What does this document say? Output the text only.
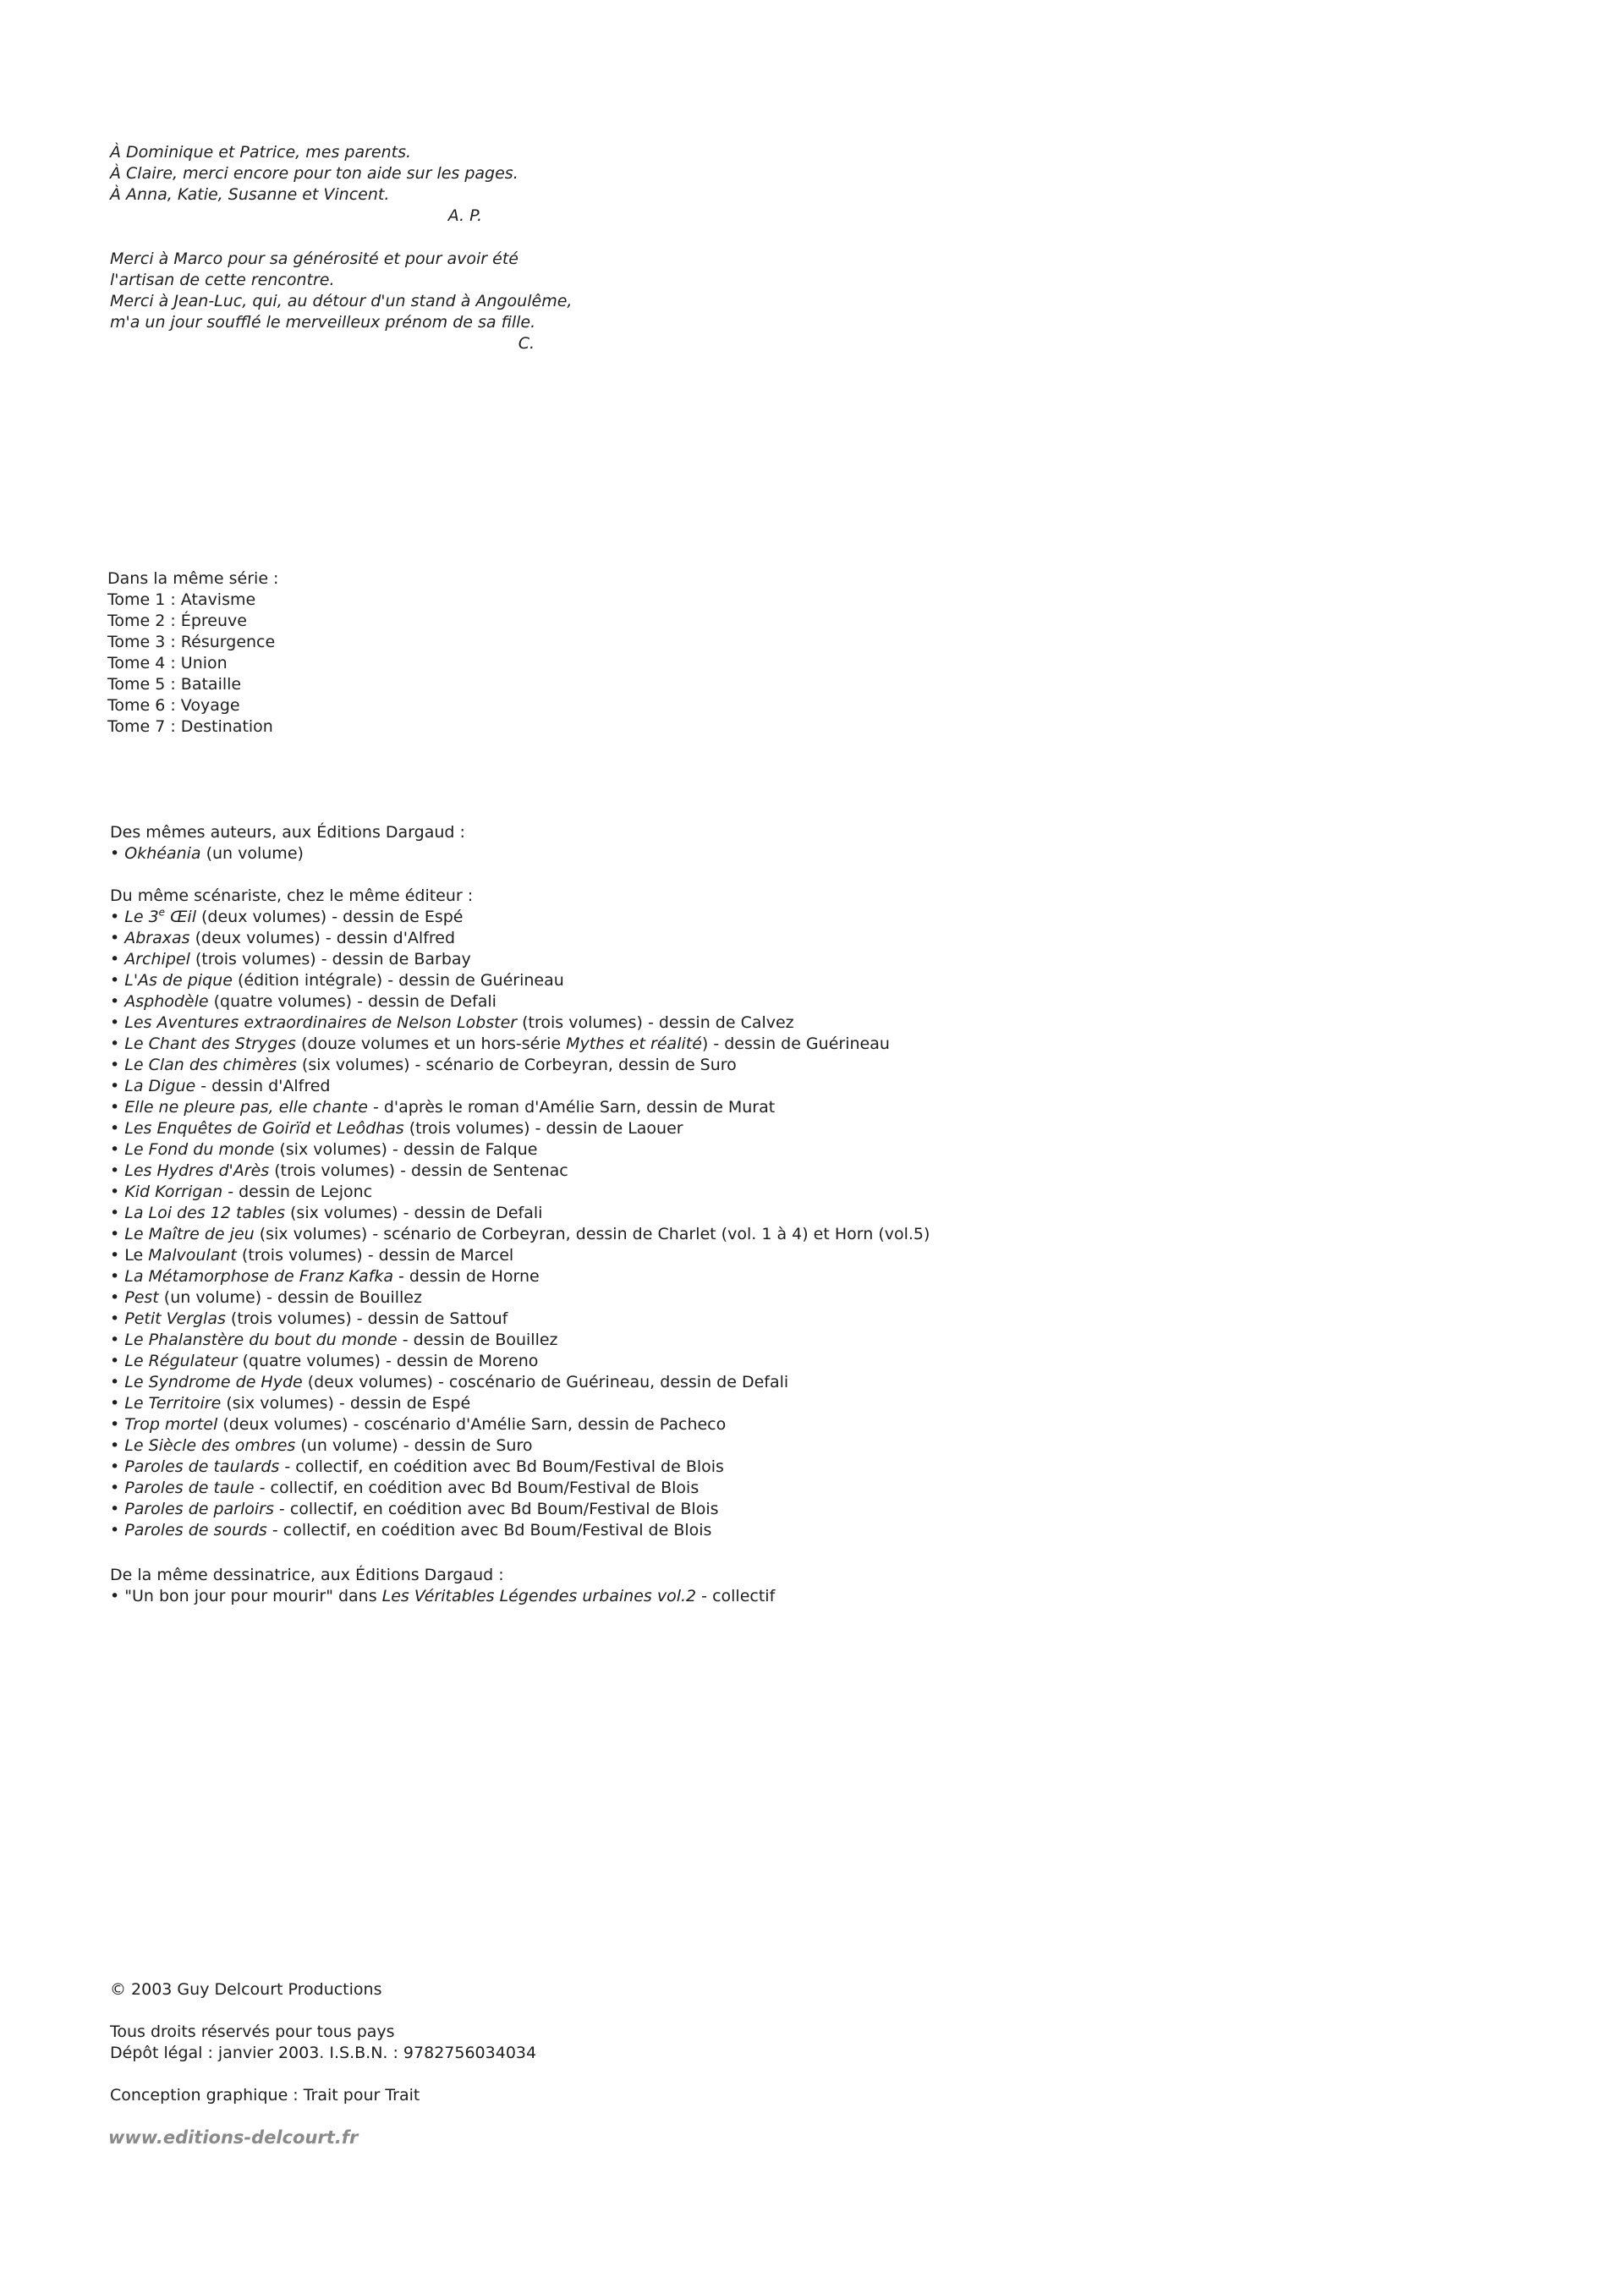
À Dominique et Patrice, mes parents.
À Claire, merci encore pour ton aide sur les pages.
À Anna, Katie, Susanne et Vincent.
A. P.
Merci à Marco pour sa générosité et pour avoir été
l'artisan de cette rencontre.
Merci à Jean-Luc, qui, au détour d'un stand à Angoulême,
m'a un jour soufflé le merveilleux prénom de sa fille.
C.
Dans la même série :
Tome 1 : Atavisme
Tome 2 : Épreuve
Tome 3 : Résurgence
Tome 4 : Union
Tome 5 : Bataille
Tome 6 : Voyage
Tome 7 : Destination
Des mêmes auteurs, aux Éditions Dargaud :
• Okhéania (un volume)
Du même scénariste, chez le même éditeur :
• Le 3e Œil (deux volumes) - dessin de Espé
• Abraxas (deux volumes) - dessin d'Alfred
• Archipel (trois volumes) - dessin de Barbay
• L'As de pique (édition intégrale) - dessin de Guérineau
• Asphodèle (quatre volumes) - dessin de Defali
• Les Aventures extraordinaires de Nelson Lobster (trois volumes) - dessin de Calvez
• Le Chant des Stryges (douze volumes et un hors-série Mythes et réalité) - dessin de Guérineau
• Le Clan des chimères (six volumes) - scénario de Corbeyran, dessin de Suro
• La Digue - dessin d'Alfred
• Elle ne pleure pas, elle chante - d'après le roman d'Amélie Sarn, dessin de Murat
• Les Enquêtes de Goirïd et Leôdhas (trois volumes) - dessin de Laouer
• Le Fond du monde (six volumes) - dessin de Falque
• Les Hydres d'Arès (trois volumes) - dessin de Sentenac
• Kid Korrigan - dessin de Lejonc
• La Loi des 12 tables (six volumes) - dessin de Defali
• Le Maître de jeu (six volumes) - scénario de Corbeyran, dessin de Charlet (vol. 1 à 4) et Horn (vol.5)
• Le Malvoulant (trois volumes) - dessin de Marcel
• La Métamorphose de Franz Kafka - dessin de Horne
• Pest (un volume) - dessin de Bouillez
• Petit Verglas (trois volumes) - dessin de Sattouf
• Le Phalanstère du bout du monde - dessin de Bouillez
• Le Régulateur (quatre volumes) - dessin de Moreno
• Le Syndrome de Hyde (deux volumes) - coscénario de Guérineau, dessin de Defali
• Le Territoire (six volumes) - dessin de Espé
• Trop mortel (deux volumes) - coscénario d'Amélie Sarn, dessin de Pacheco
• Le Siècle des ombres (un volume) - dessin de Suro
• Paroles de taulards - collectif, en coédition avec Bd Boum/Festival de Blois
• Paroles de taule - collectif, en coédition avec Bd Boum/Festival de Blois
• Paroles de parloirs - collectif, en coédition avec Bd Boum/Festival de Blois
• Paroles de sourds - collectif, en coédition avec Bd Boum/Festival de Blois
De la même dessinatrice, aux Éditions Dargaud :
• "Un bon jour pour mourir" dans Les Véritables Légendes urbaines vol.2 - collectif
© 2003 Guy Delcourt Productions
Tous droits réservés pour tous pays
Dépôt légal : janvier 2003. I.S.B.N. : 9782756034034
Conception graphique : Trait pour Trait
www.editions-delcourt.fr
